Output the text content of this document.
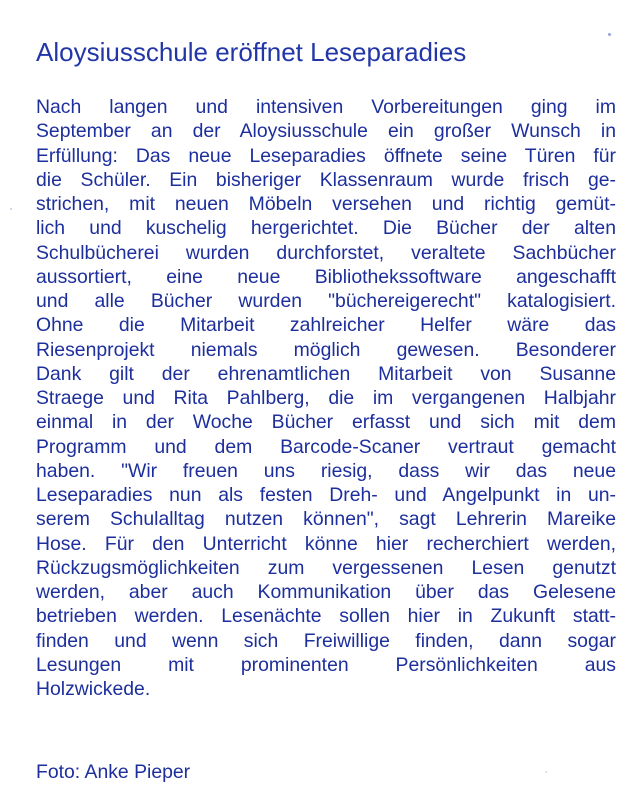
Aloysiusschule eröffnet Leseparadies
Nach langen und intensiven Vorbereitungen ging im
September an der Aloysiusschule ein großer Wunsch in
Erfüllung: Das neue Leseparadies öffnete seine Türen für
die Schüler. Ein bisheriger Klassenraum wurde frisch ge-
strichen, mit neuen Möbeln versehen und richtig gemüt-
lich und kuschelig hergerichtet. Die Bücher der alten
Schulbücherei wurden durchforstet, veraltete Sachbücher
aussortiert, eine neue Bibliothekssoftware angeschafft
und alle Bücher wurden "büchereigerecht" katalogisiert.
Ohne die Mitarbeit zahlreicher Helfer wäre das
Riesenprojekt niemals möglich gewesen. Besonderer
Dank gilt der ehrenamtlichen Mitarbeit von Susanne
Straege und Rita Pahlberg, die im vergangenen Halbjahr
einmal in der Woche Bücher erfasst und sich mit dem
Programm und dem Barcode-Scaner vertraut gemacht
haben. "Wir freuen uns riesig, dass wir das neue
Leseparadies nun als festen Dreh- und Angelpunkt in un-
serem Schulalltag nutzen können", sagt Lehrerin Mareike
Hose. Für den Unterricht könne hier recherchiert werden,
Rückzugsmöglichkeiten zum vergessenen Lesen genutzt
werden, aber auch Kommunikation über das Gelesene
betrieben werden. Lesenächte sollen hier in Zukunft statt-
finden und wenn sich Freiwillige finden, dann sogar
Lesungen mit prominenten Persönlichkeiten aus
Holzwickede.
Foto: Anke Pieper
